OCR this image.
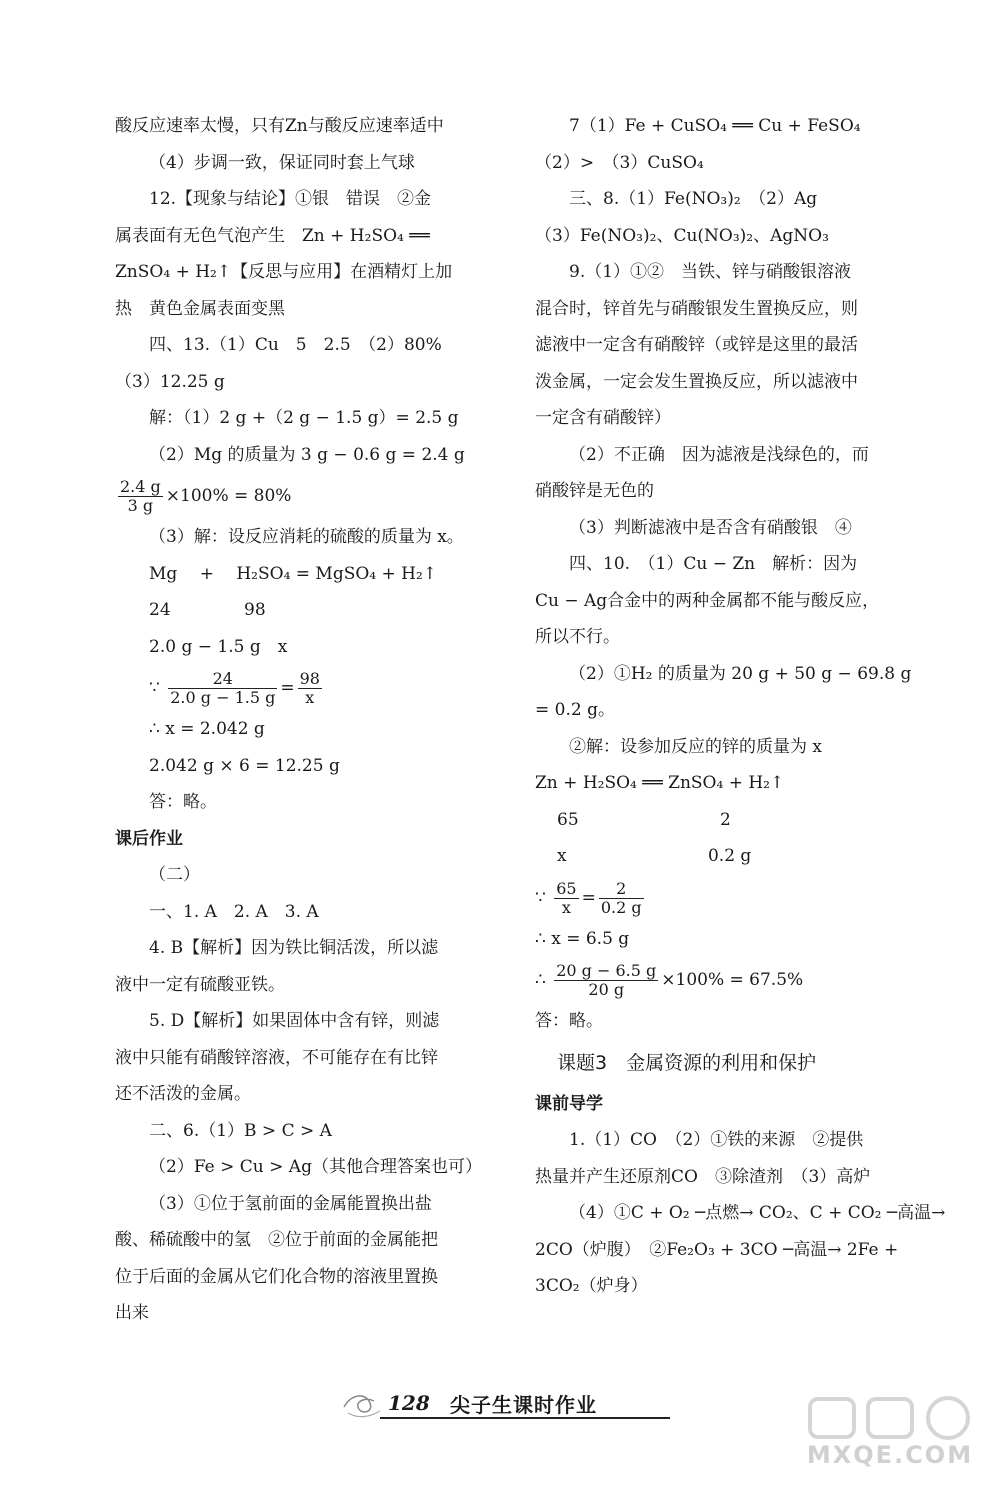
酸反应速率太慢，只有Zn与酸反应速率适中
（4）步调一致，保证同时套上气球
12.【现象与结论】①银　错误　②金
属表面有无色气泡产生　Zn + H₂SO₄ ══
ZnSO₄ + H₂↑【反思与应用】在酒精灯上加
热　黄色金属表面变黑
四、13.（1）Cu　5　2.5　（2）80%
（3）12.25 g
解：（1）2 g +（2 g − 1.5 g）= 2.5 g
（2）Mg 的质量为 3 g − 0.6 g = 2.4 g
$\frac{2.4 g}{3 g} \times 100\% = 80\%$
（3）解：设反应消耗的硫酸的质量为 x。
Mg　 +　 H₂SO₄ = MgSO₄ + H₂↑
24　　　　 98
2.0 g − 1.5 g　x
∵ $\frac{24}{2.0 g - 1.5 g} = \frac{98}{x}$
∴ x = 2.042 g
2.042 g × 6 = 12.25 g
答：略。
课后作业
（二）
一、1. A　2. A　3. A
4. B【解析】因为铁比铜活泼，所以滤
液中一定有硫酸亚铁。
5. D【解析】如果固体中含有锌，则滤
液中只能有硝酸锌溶液，不可能存在有比锌
还不活泼的金属。
二、6.（1）B > C > A
（2）Fe > Cu > Ag（其他合理答案也可）
（3）①位于氢前面的金属能置换出盐
酸、稀硫酸中的氢　②位于前面的金属能把
位于后面的金属从它们化合物的溶液里置换
出来
7（1）Fe + CuSO₄ ══ Cu + FeSO₄
（2）>　（3）CuSO₄
三、8.（1）Fe(NO₃)₂　（2）Ag
（3）Fe(NO₃)₂、Cu(NO₃)₂、AgNO₃
9.（1）①②　当铁、锌与硝酸银溶液
混合时，锌首先与硝酸银发生置换反应，则
滤液中一定含有硝酸锌（或锌是这里的最活
泼金属，一定会发生置换反应，所以滤液中
一定含有硝酸锌）
（2）不正确　因为滤液是浅绿色的，而
硝酸锌是无色的
（3）判断滤液中是否含有硝酸银　④
四、10.　（1）Cu − Zn　解析：因为
Cu − Ag合金中的两种金属都不能与酸反应，
所以不行。
（2）①H₂ 的质量为 20 g + 50 g − 69.8 g
= 0.2 g。
②解：设参加反应的锌的质量为 x
Zn + H₂SO₄ ══ ZnSO₄ + H₂↑
65　　　　　　　　 2
x　　　　　　　　 0.2 g
∵ $\frac{65}{x} = \frac{2}{0.2 g}$
∴ x = 6.5 g
∴ $\frac{20 g - 6.5 g}{20 g} \times 100\% = 67.5\%$
答：略。
课题3　金属资源的利用和保护
课前导学
1.（1）CO　（2）①铁的来源　②提供
热量并产生还原剂CO　③除渣剂　（3）高炉
（4）①C + O₂ ─点燃→ CO₂、C + CO₂ ─高温→
2CO（炉腹）　②Fe₂O₃ + 3CO ─高温→ 2Fe +
3CO₂（炉身）
128 尖子生课时作业
MXQE.COM
